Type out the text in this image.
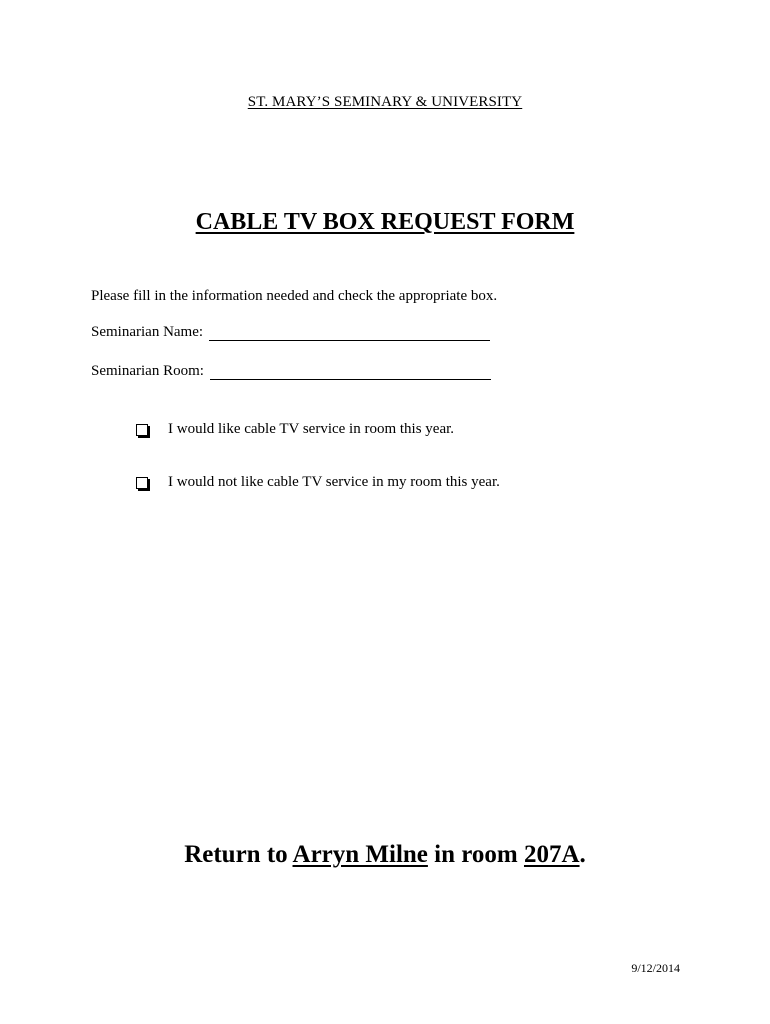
ST. MARY’S SEMINARY & UNIVERSITY
CABLE TV BOX REQUEST FORM
Please fill in the information needed and check the appropriate box.
Seminarian Name:
Seminarian Room:
I would like cable TV service in room this year.
I would not like cable TV service in my room this year.
Return to Arryn Milne in room 207A.
9/12/2014
